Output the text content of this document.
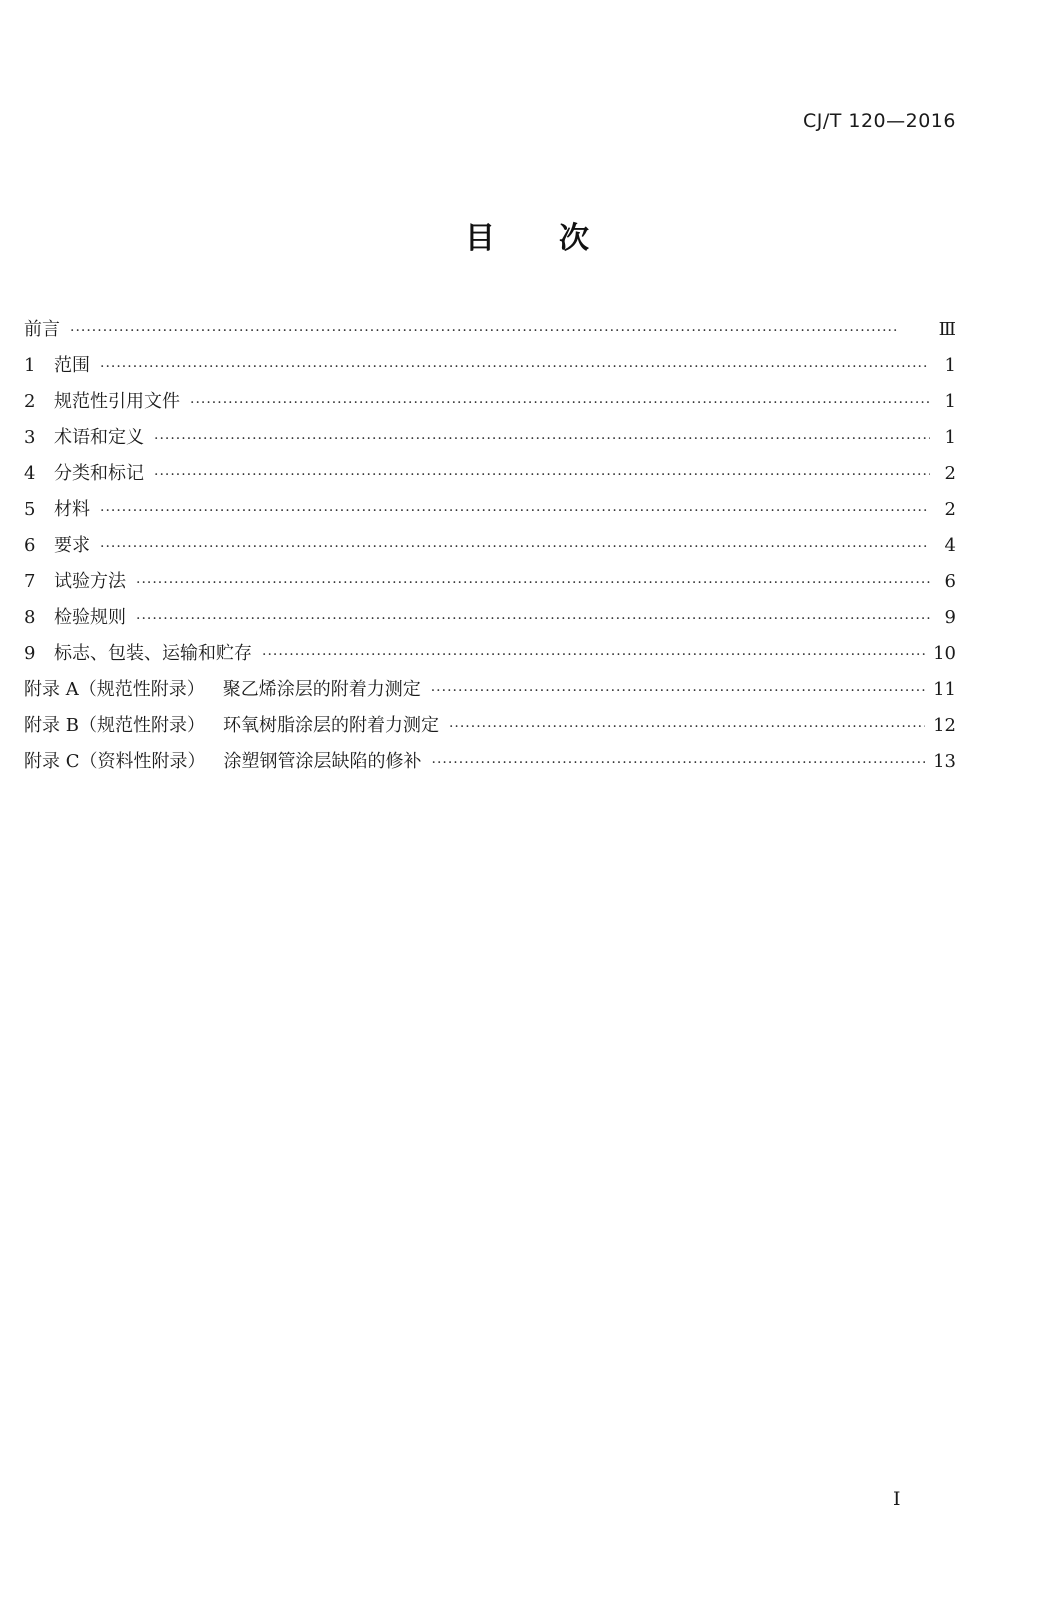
CJ/T 120—2016
目次
前言 ·····	Ⅲ
1	范围 ·····	1
2	规范性引用文件 ·····	1
3	术语和定义 ·····	1
4	分类和标记 ·····	2
5	材料 ·····	2
6	要求 ·····	4
7	试验方法 ·····	6
8	检验规则 ·····	9
9	标志、包装、运输和贮存 ·····	10
附录 A（规范性附录）	聚乙烯涂层的附着力测定 ·····	11
附录 B（规范性附录）	环氧树脂涂层的附着力测定 ·····	12
附录 C（资料性附录）	涂塑钢管涂层缺陷的修补 ·····	13
I
